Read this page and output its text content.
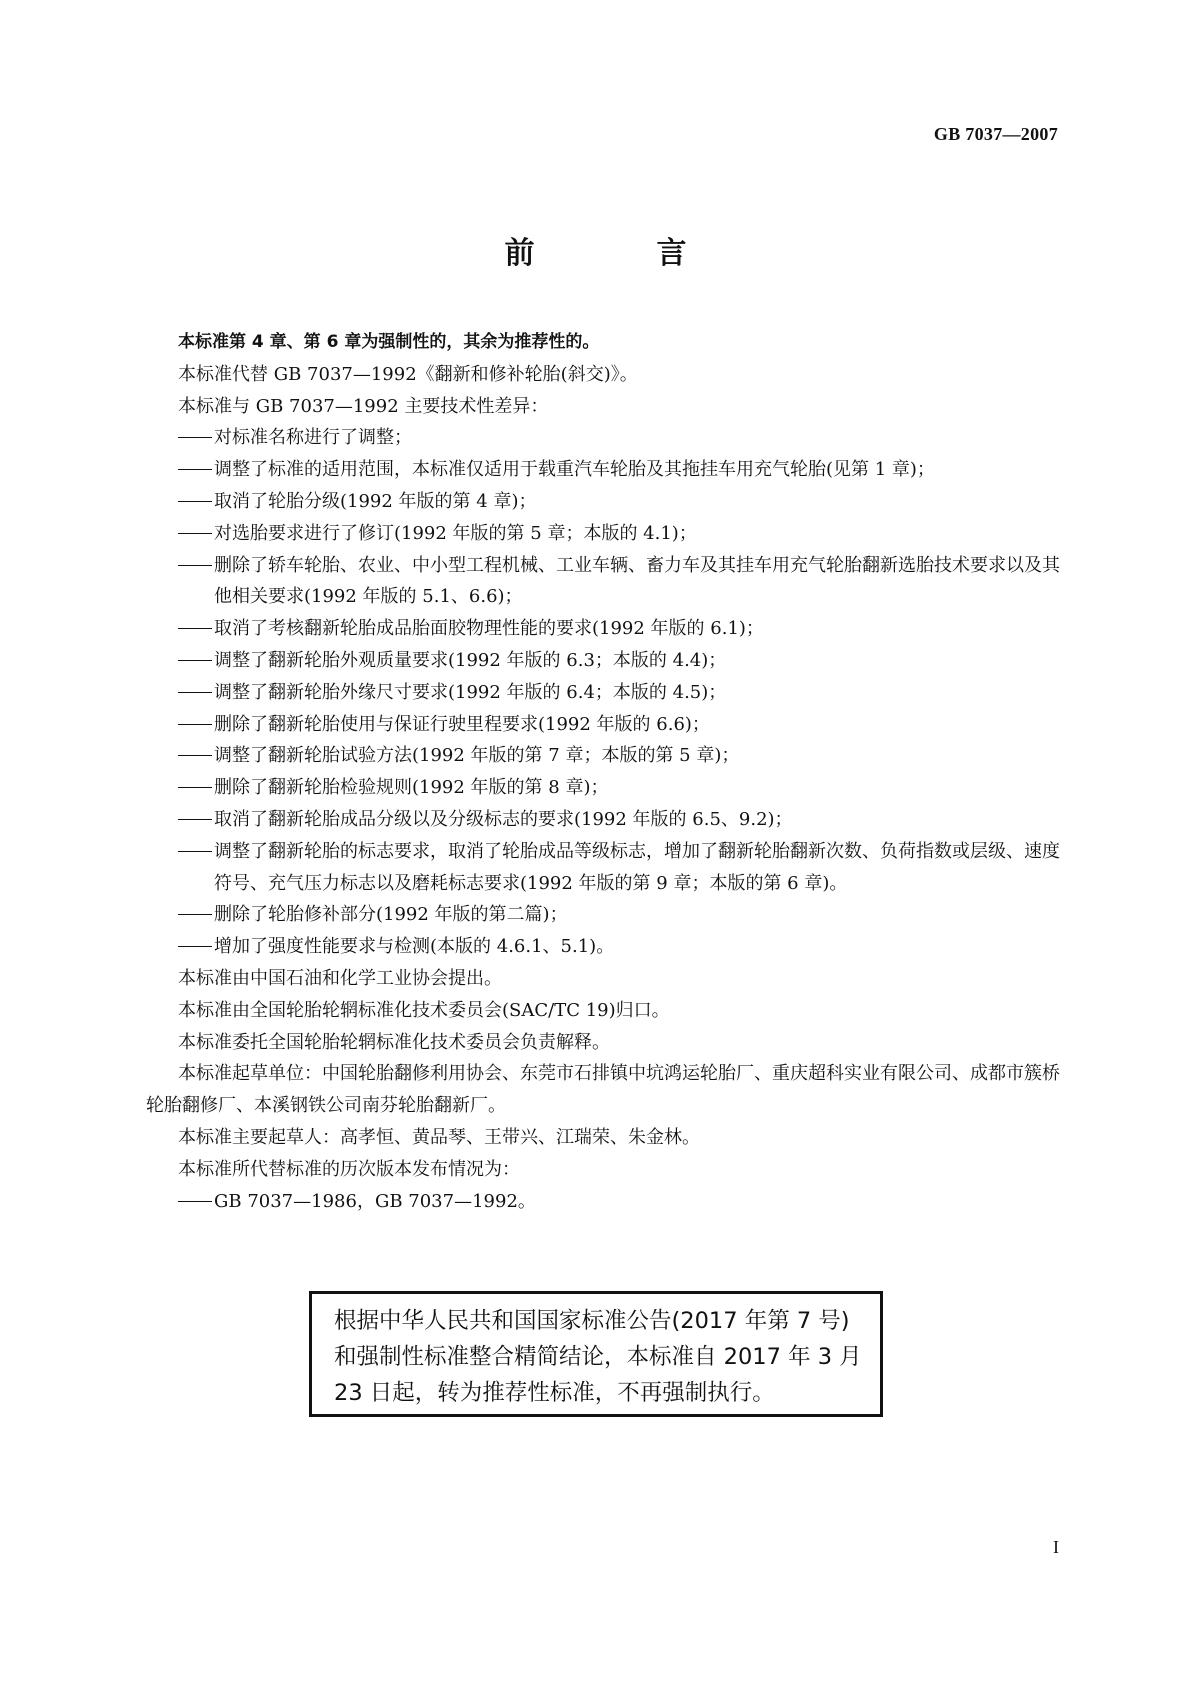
GB 7037—2007
前　言

本标准第 4 章、第 6 章为强制性的，其余为推荐性的。

本标准代替 GB 7037—1992《翻新和修补轮胎(斜交)》。

本标准与 GB 7037—1992 主要技术性差异：

对标准名称进行了调整；
调整了标准的适用范围，本标准仅适用于载重汽车轮胎及其拖挂车用充气轮胎(见第 1 章)；
取消了轮胎分级(1992 年版的第 4 章)；
对选胎要求进行了修订(1992 年版的第 5 章；本版的 4.1)；
删除了轿车轮胎、农业、中小型工程机械、工业车辆、畜力车及其挂车用充气轮胎翻新选胎技术要求以及其他相关要求(1992 年版的 5.1、6.6)；
取消了考核翻新轮胎成品胎面胶物理性能的要求(1992 年版的 6.1)；
调整了翻新轮胎外观质量要求(1992 年版的 6.3；本版的 4.4)；
调整了翻新轮胎外缘尺寸要求(1992 年版的 6.4；本版的 4.5)；
删除了翻新轮胎使用与保证行驶里程要求(1992 年版的 6.6)；
调整了翻新轮胎试验方法(1992 年版的第 7 章；本版的第 5 章)；
删除了翻新轮胎检验规则(1992 年版的第 8 章)；
取消了翻新轮胎成品分级以及分级标志的要求(1992 年版的 6.5、9.2)；
调整了翻新轮胎的标志要求，取消了轮胎成品等级标志，增加了翻新轮胎翻新次数、负荷指数或层级、速度符号、充气压力标志以及磨耗标志要求(1992 年版的第 9 章；本版的第 6 章)。
删除了轮胎修补部分(1992 年版的第二篇)；
增加了强度性能要求与检测(本版的 4.6.1、5.1)。

本标准由中国石油和化学工业协会提出。

本标准由全国轮胎轮辋标准化技术委员会(SAC/TC 19)归口。

本标准委托全国轮胎轮辋标准化技术委员会负责解释。

本标准起草单位：中国轮胎翻修利用协会、东莞市石排镇中坑鸿运轮胎厂、重庆超科实业有限公司、成都市簇桥轮胎翻修厂、本溪钢铁公司南芬轮胎翻新厂。

本标准主要起草人：高孝恒、黄品琴、王带兴、江瑞荣、朱金林。

本标准所代替标准的历次版本发布情况为：

GB 7037—1986，GB 7037—1992。
根据中华人民共和国国家标准公告(2017 年第 7 号)和强制性标准整合精简结论，本标准自 2017 年 3 月 23 日起，转为推荐性标准，不再强制执行。
I
